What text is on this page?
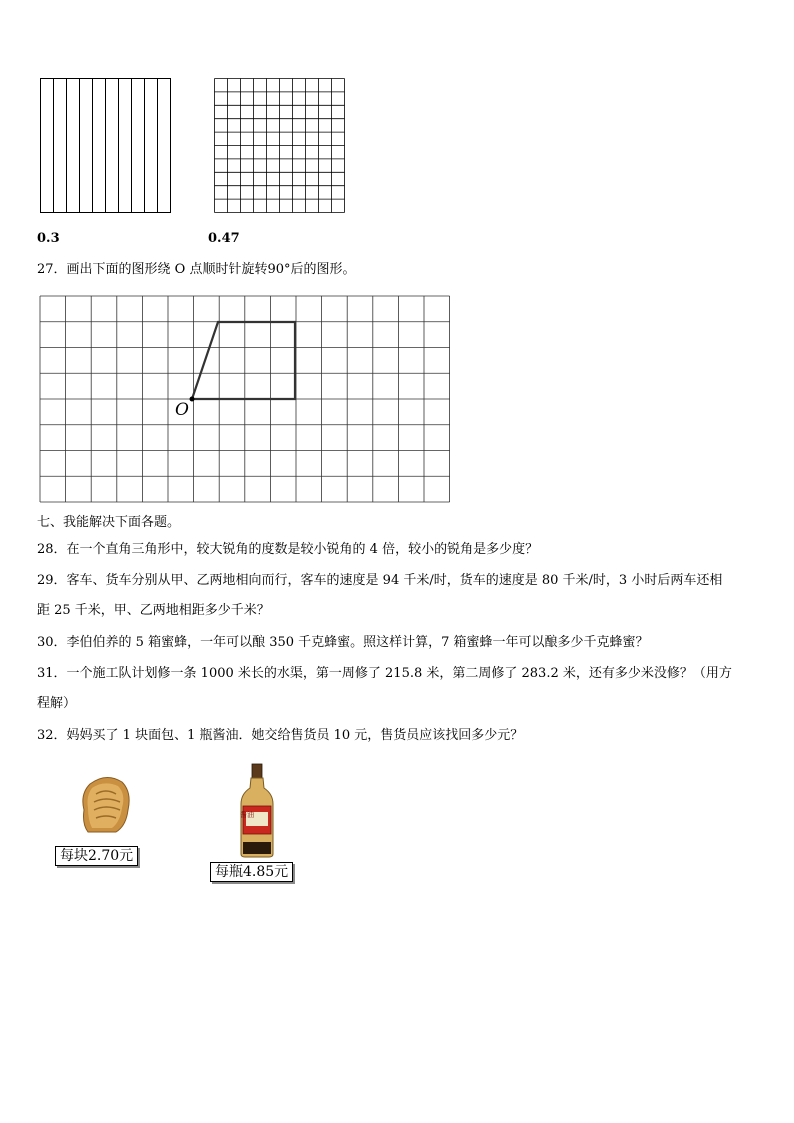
0.3	0.47
27．画出下面的图形绕 O 点顺时针旋转90°后的图形。
O
七、我能解决下面各题。
28．在一个直角三角形中，较大锐角的度数是较小锐角的 4 倍，较小的锐角是多少度？
29．客车、货车分别从甲、乙两地相向而行，客车的速度是 94 千米/时，货车的速度是 80 千米/时，3 小时后两车还相
距 25 千米，甲、乙两地相距多少千米？
30．李伯伯养的 5 箱蜜蜂，一年可以酿 350 千克蜂蜜。照这样计算，7 箱蜜蜂一年可以酿多少千克蜂蜜？
31．一个施工队计划修一条 1000 米长的水渠，第一周修了 215.8 米，第二周修了 283.2 米，还有多少米没修？（用方
程解）
32．妈妈买了 1 块面包、1 瓶酱油．她交给售货员 10 元，售货员应该找回多少元？
每块2.70元
酱油
每瓶4.85元
